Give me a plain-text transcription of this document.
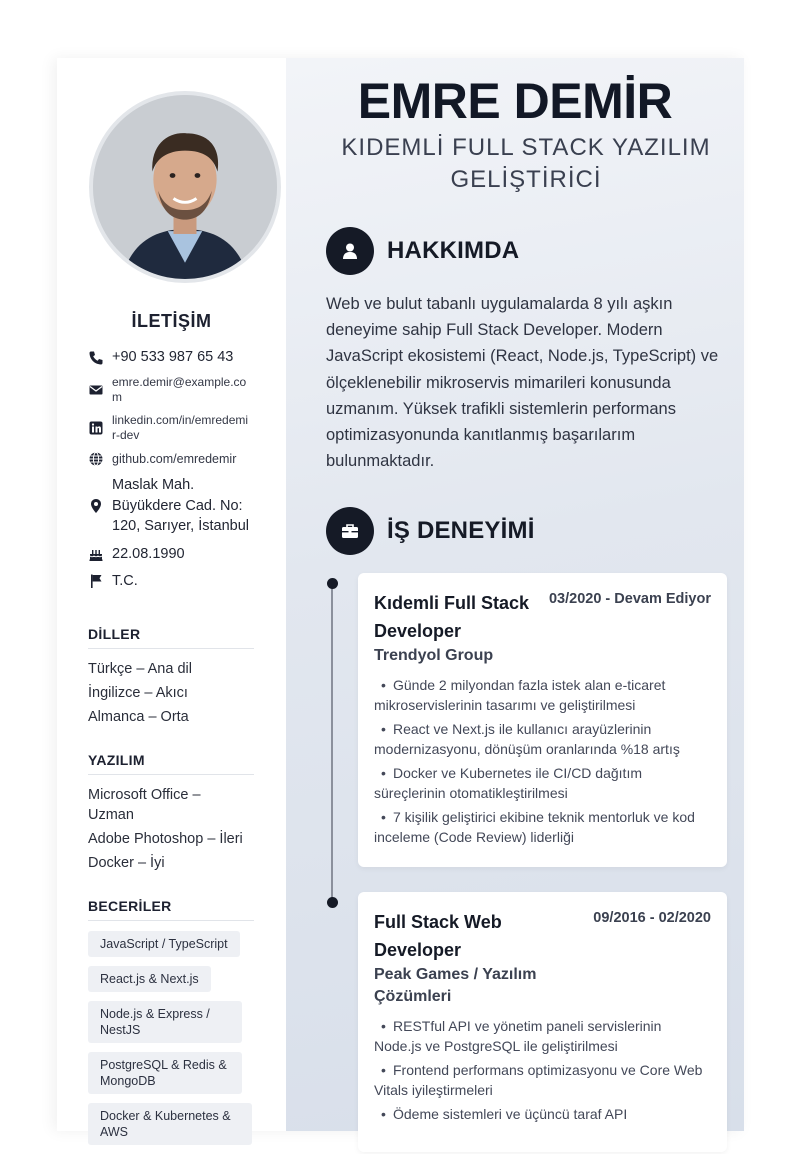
İLETİŞİM
+90 533 987 65 43
emre.demir@example.com
linkedin.com/in/emredemir-dev
github.com/emredemir
Maslak Mah. Büyükdere Cad. No: 120, Sarıyer, İstanbul
22.08.1990
T.C.
DİLLER
Türkçe – Ana dil
İngilizce – Akıcı
Almanca – Orta
YAZILIM
Microsoft Office – Uzman
Adobe Photoshop – İleri
Docker – İyi
BECERİLER
JavaScript / TypeScript
React.js & Next.js
Node.js & Express / NestJS
PostgreSQL & Redis & MongoDB
Docker & Kubernetes & AWS
EMRE DEMİR
KIDEMLİ FULL STACK YAZILIM
GELİŞTİRİCİ
HAKKIMDA
Web ve bulut tabanlı uygulamalarda 8 yılı aşkın deneyime sahip Full Stack Developer. Modern JavaScript ekosistemi (React, Node.js, TypeScript) ve ölçeklenebilir mikroservis mimarileri konusunda uzmanım. Yüksek trafikli sistemlerin performans optimizasyonunda kanıtlanmış başarılarım bulunmaktadır.
İŞ DENEYİMİ
Kıdemli Full Stack Developer
03/2020 - Devam Ediyor
Trendyol Group
• Günde 2 milyondan fazla istek alan e-ticaret mikroservislerinin tasarımı ve geliştirilmesi
• React ve Next.js ile kullanıcı arayüzlerinin modernizasyonu, dönüşüm oranlarında %18 artış
• Docker ve Kubernetes ile CI/CD dağıtım süreçlerinin otomatikleştirilmesi
• 7 kişilik geliştirici ekibine teknik mentorluk ve kod inceleme (Code Review) liderliği
Full Stack Web Developer
09/2016 - 02/2020
Peak Games / Yazılım Çözümleri
• RESTful API ve yönetim paneli servislerinin Node.js ve PostgreSQL ile geliştirilmesi
• Frontend performans optimizasyonu ve Core Web Vitals iyileştirmeleri
• Ödeme sistemleri ve üçüncü taraf API
